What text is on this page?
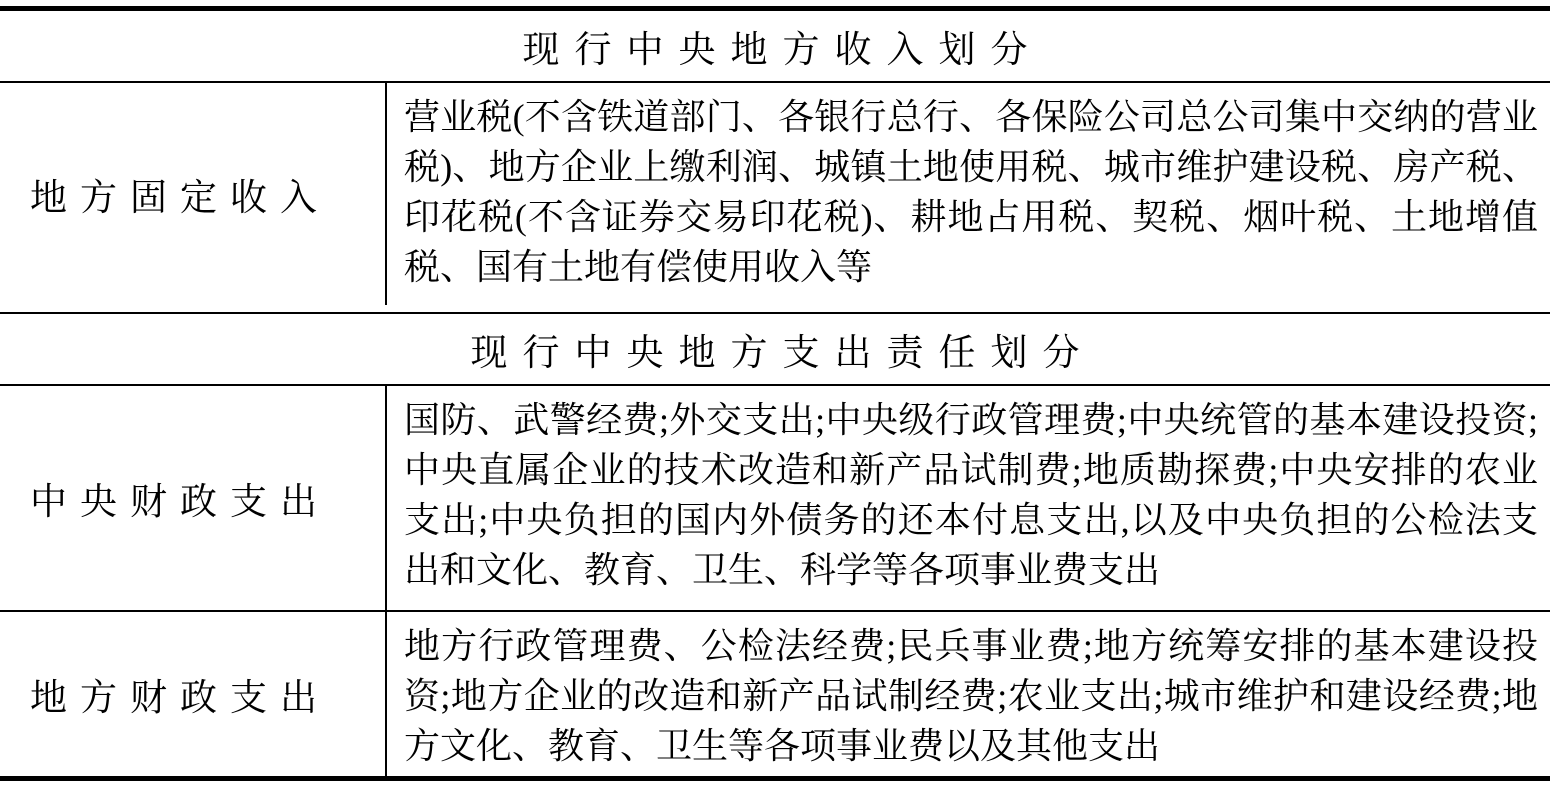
现行中央地方收入划分
地方固定收入
营业税(不含铁道部门、各银行总行、各保险公司总公司集中交纳的营业税)、地方企业上缴利润、城镇土地使用税、城市维护建设税、房产税、印花税(不含证券交易印花税)、耕地占用税、契税、烟叶税、土地增值税、国有土地有偿使用收入等
现行中央地方支出责任划分
中央财政支出
国防、武警经费;外交支出;中央级行政管理费;中央统管的基本建设投资;中央直属企业的技术改造和新产品试制费;地质勘探费;中央安排的农业支出;中央负担的国内外债务的还本付息支出,以及中央负担的公检法支出和文化、教育、卫生、科学等各项事业费支出
地方财政支出
地方行政管理费、公检法经费;民兵事业费;地方统筹安排的基本建设投资;地方企业的改造和新产品试制经费;农业支出;城市维护和建设经费;地方文化、教育、卫生等各项事业费以及其他支出
